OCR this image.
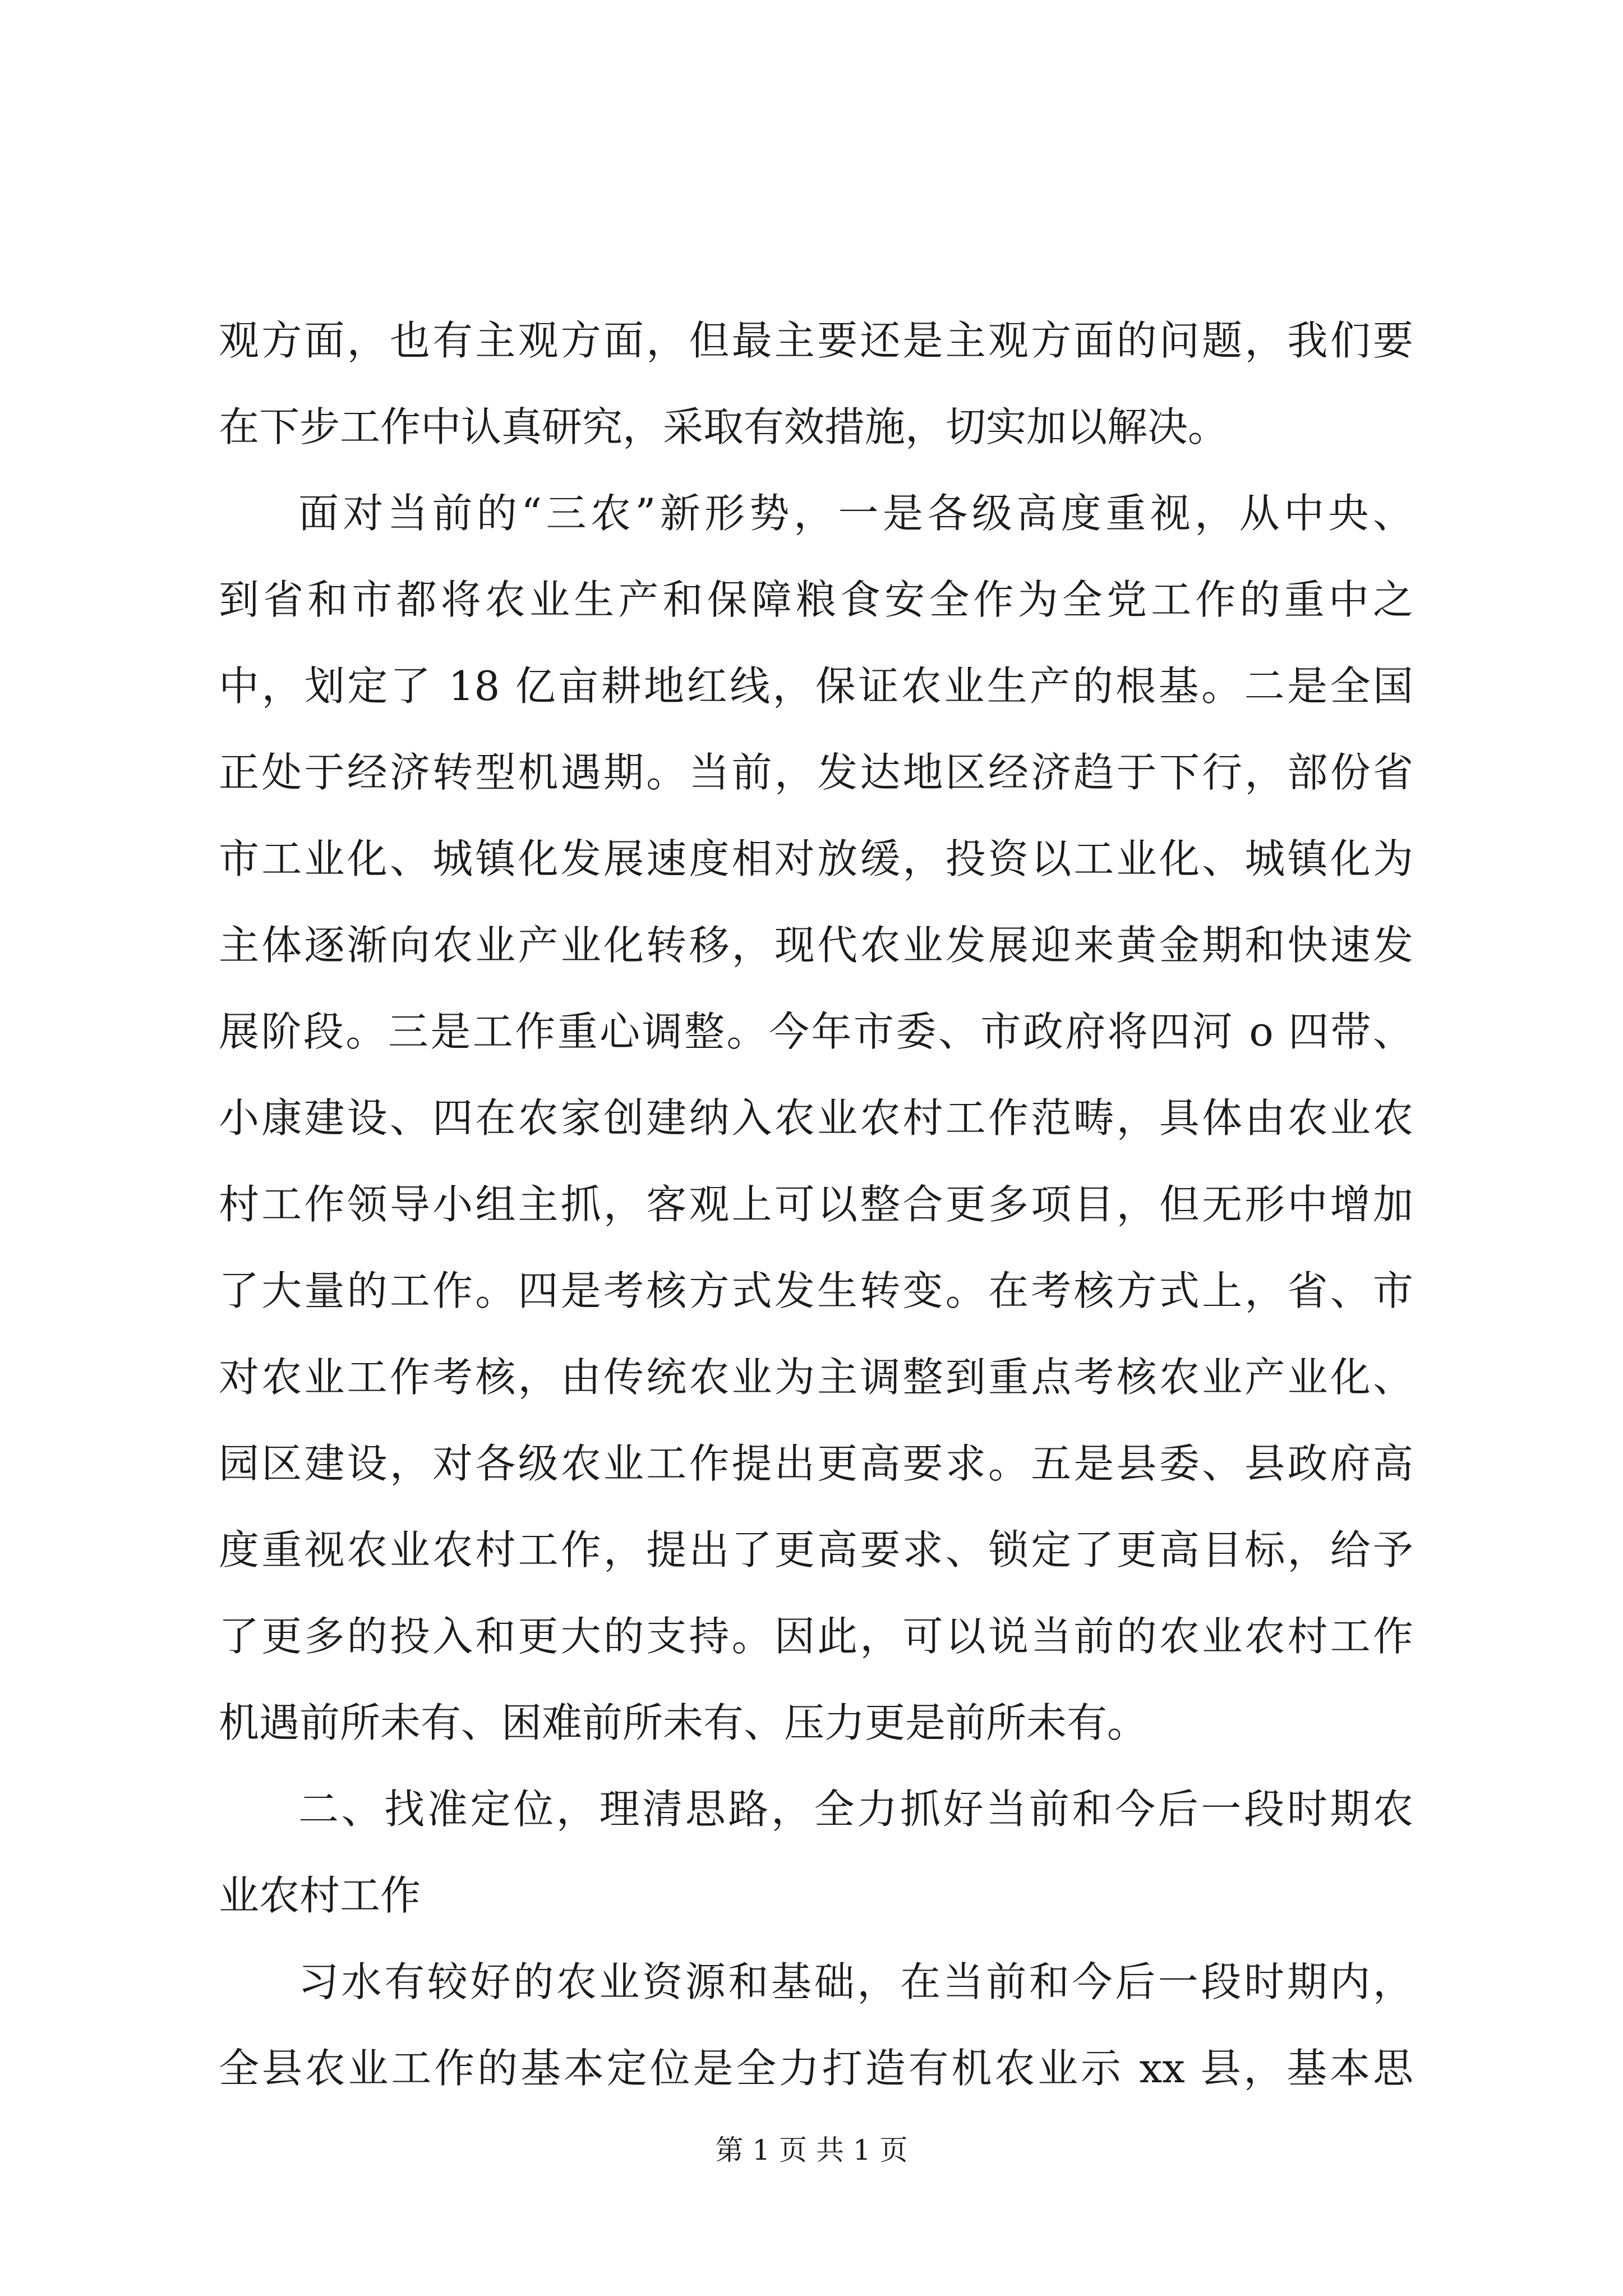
观方面，也有主观方面，但最主要还是主观方面的问题，我们要
在下步工作中认真研究，采取有效措施，切实加以解决。
面对当前的“三农”新形势，一是各级高度重视，从中央、
到省和市都将农业生产和保障粮食安全作为全党工作的重中之
中，划定了 18 亿亩耕地红线，保证农业生产的根基。二是全国
正处于经济转型机遇期。当前，发达地区经济趋于下行，部份省
市工业化、城镇化发展速度相对放缓，投资以工业化、城镇化为
主体逐渐向农业产业化转移，现代农业发展迎来黄金期和快速发
展阶段。三是工作重心调整。今年市委、市政府将四河 o 四带、
小康建设、四在农家创建纳入农业农村工作范畴，具体由农业农
村工作领导小组主抓，客观上可以整合更多项目，但无形中增加
了大量的工作。四是考核方式发生转变。在考核方式上，省、市
对农业工作考核，由传统农业为主调整到重点考核农业产业化、
园区建设，对各级农业工作提出更高要求。五是县委、县政府高
度重视农业农村工作，提出了更高要求、锁定了更高目标，给予
了更多的投入和更大的支持。因此，可以说当前的农业农村工作
机遇前所未有、困难前所未有、压力更是前所未有。
二、找准定位，理清思路，全力抓好当前和今后一段时期农
业农村工作
习水有较好的农业资源和基础，在当前和今后一段时期内，
全县农业工作的基本定位是全力打造有机农业示 xx 县，基本思
第 1 页 共 1 页
